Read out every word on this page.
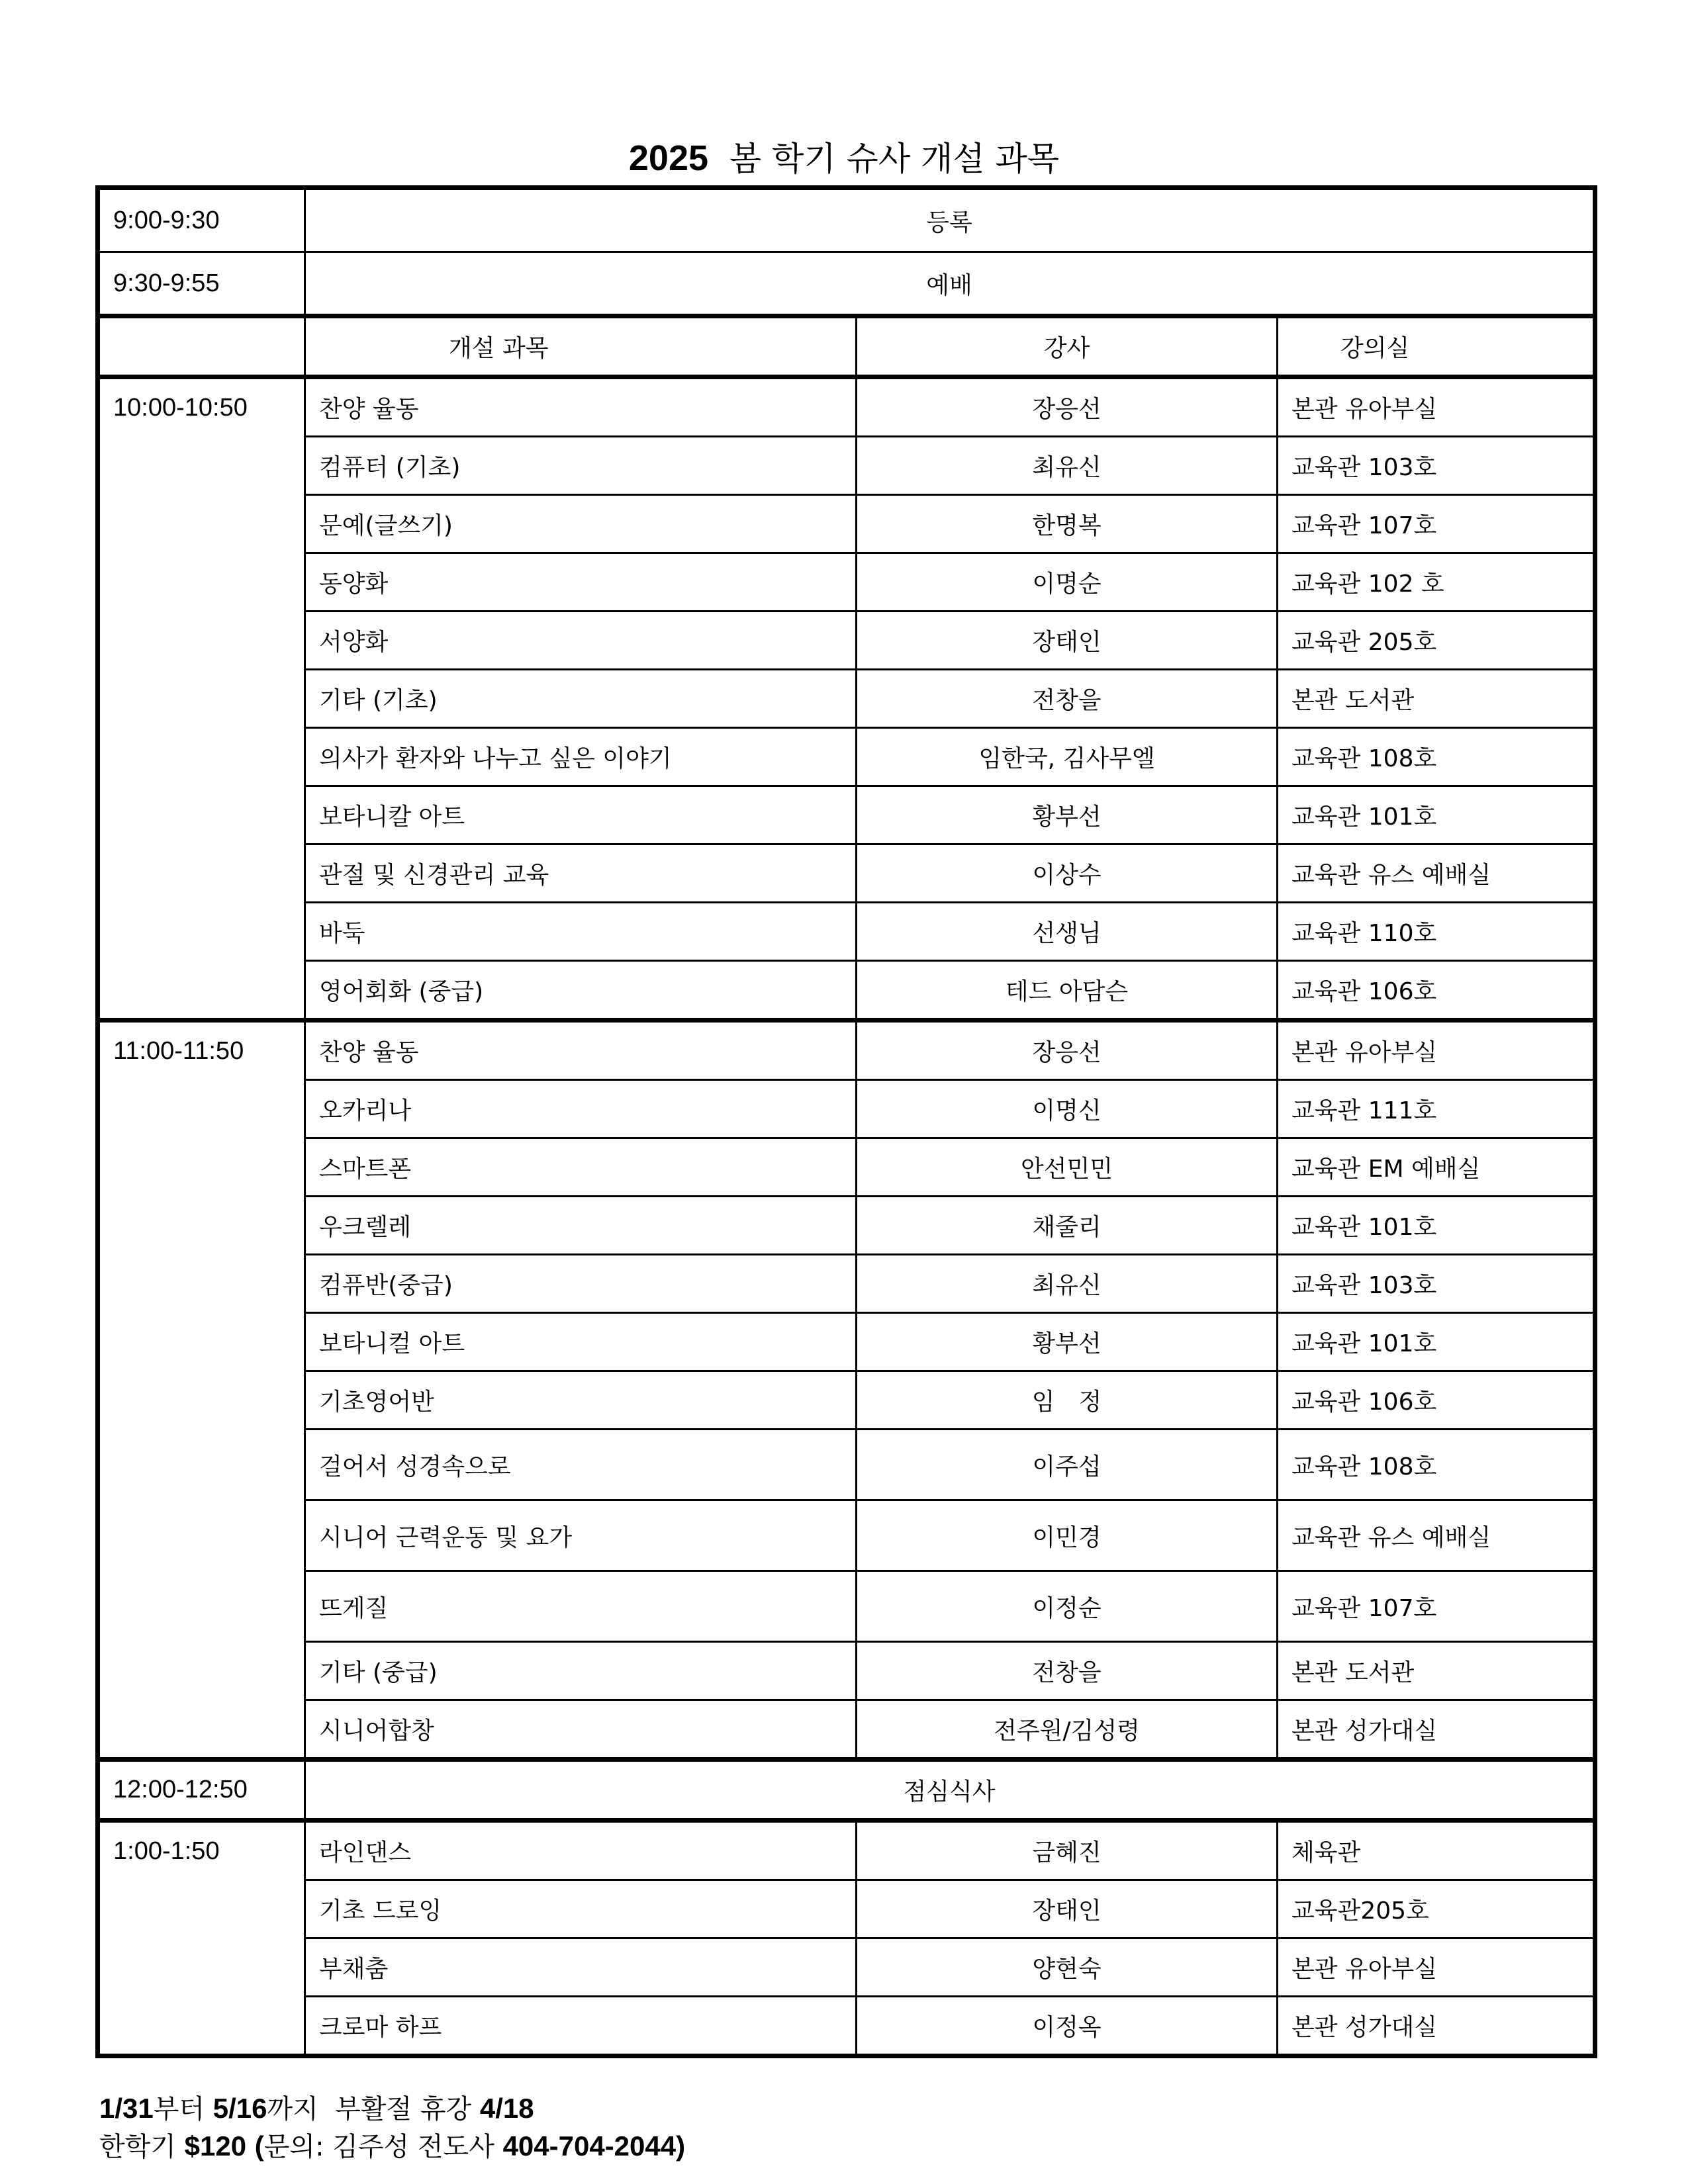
2025 봄 학기 슈사 개설 과목
9:00-9:30	등록		
9:30-9:55	예배		
	개설 과목	강사	강의실
10:00-10:50	찬양 율동	장응선	본관 유아부실
	컴퓨터 (기초)	최유신	교육관 103호
	문예(글쓰기)	한명복	교육관 107호
	동양화	이명순	교육관 102 호
	서양화	장태인	교육관 205호
	기타 (기초)	전창을	본관 도서관
	의사가 환자와 나누고 싶은 이야기	임한국, 김사무엘	교육관 108호
	보타니칼 아트	황부선	교육관 101호
	관절 및 신경관리 교육	이상수	교육관 유스 예배실
	바둑	선생님	교육관 110호
	영어회화 (중급)	테드 아담슨	교육관 106호
11:00-11:50	찬양 율동	장응선	본관 유아부실
	오카리나	이명신	교육관 111호
	스마트폰	안선민민	교육관 EM 예배실
	우크렐레	채줄리	교육관 101호
	컴퓨반(중급)	최유신	교육관 103호
	보타니컬 아트	황부선	교육관 101호
	기초영어반	임　정	교육관 106호
	걸어서 성경속으로	이주섭	교육관 108호
	시니어 근력운동 및 요가	이민경	교육관 유스 예배실
	뜨게질	이정순	교육관 107호
	기타 (중급)	전창을	본관 도서관
	시니어합창	전주원/김성령	본관 성가대실
12:00-12:50	점심식사		
1:00-1:50	라인댄스	금혜진	체육관
	기초 드로잉	장태인	교육관205호
	부채춤	양현숙	본관 유아부실
	크로마 하프	이정옥	본관 성가대실
1/31부터 5/16까지 부활절 휴강 4/18
한학기 $120 (문의: 김주성 전도사 404-704-2044)
